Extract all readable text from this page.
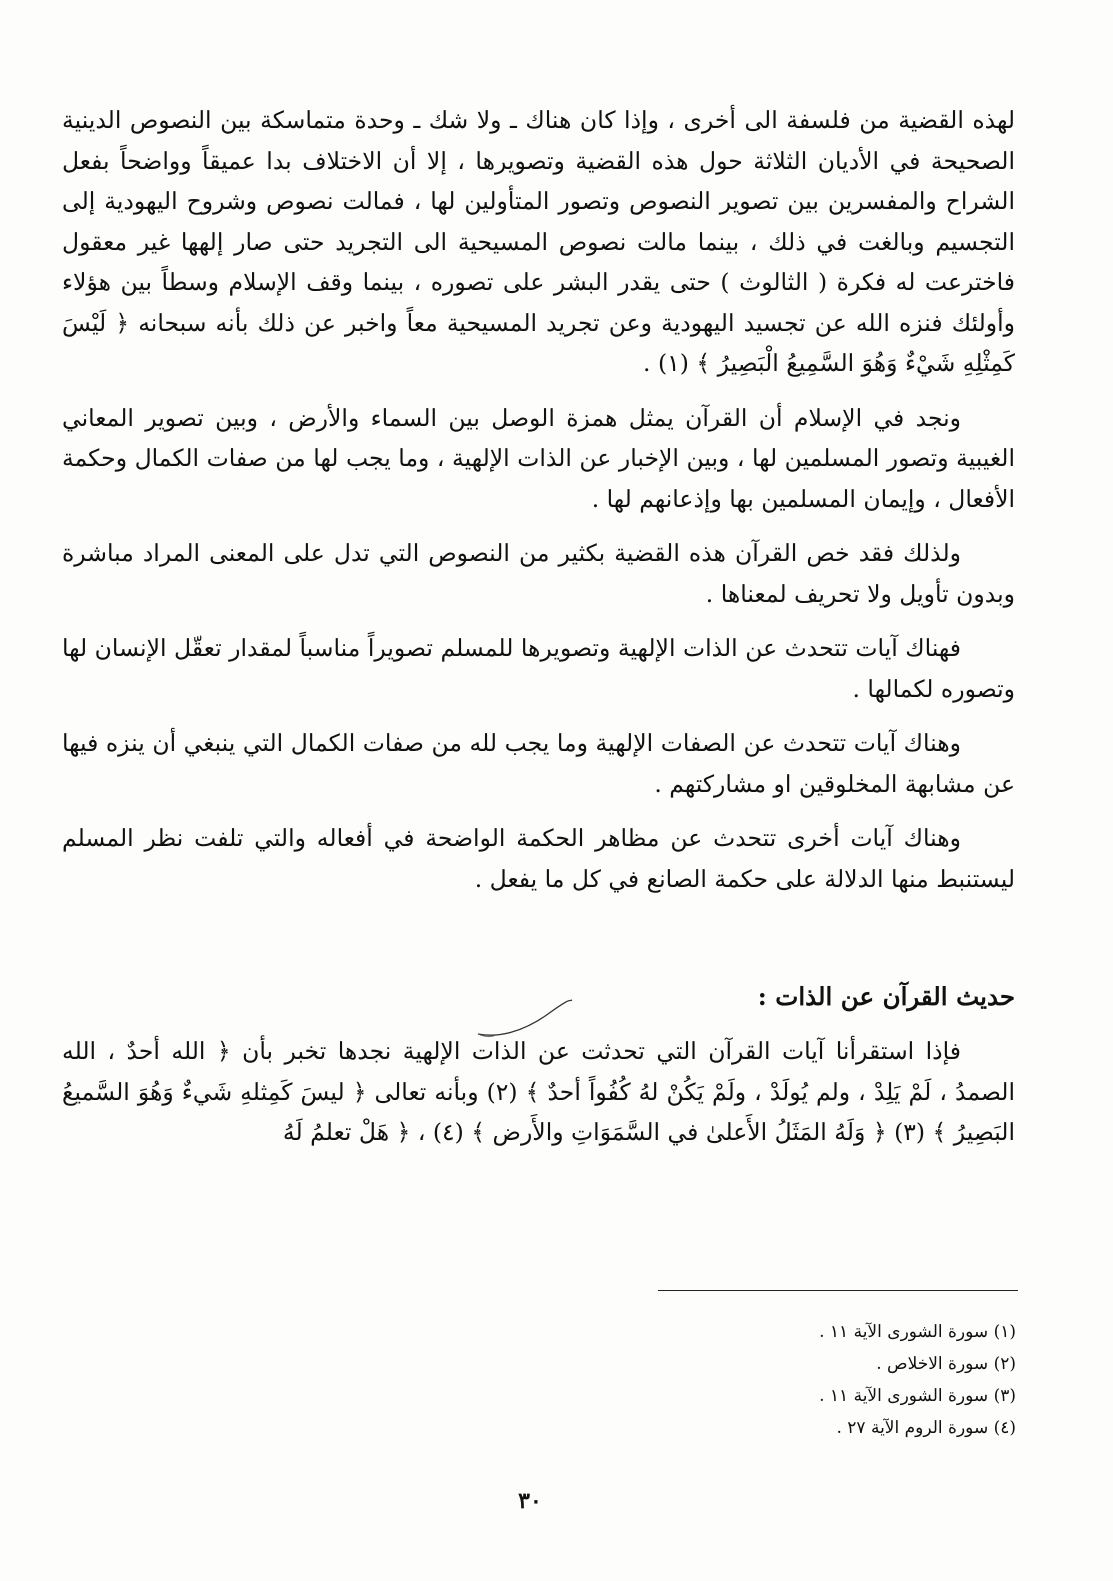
لهذه القضية من فلسفة الى أخرى ، وإذا كان هناك ـ ولا شك ـ وحدة متماسكة بين النصوص الدينية الصحيحة في الأديان الثلاثة حول هذه القضية وتصويرها ، إلا أن الاختلاف بدا عميقاً وواضحاً بفعل الشراح والمفسرين بين تصوير النصوص وتصور المتأولين لها ، فمالت نصوص وشروح اليهودية إلى التجسيم وبالغت في ذلك ، بينما مالت نصوص المسيحية الى التجريد حتى صار إلهها غير معقول فاخترعت له فكرة ( الثالوث ) حتى يقدر البشر على تصوره ، بينما وقف الإسلام وسطاً بين هؤلاء وأولئك فنزه الله عن تجسيد اليهودية وعن تجريد المسيحية معاً واخبر عن ذلك بأنه سبحانه ﴿ لَيْسَ كَمِثْلِهِ شَيْءٌ وَهُوَ السَّمِيعُ الْبَصِيرُ ﴾ (١) .

ونجد في الإسلام أن القرآن يمثل همزة الوصل بين السماء والأرض ، وبين تصوير المعاني الغيبية وتصور المسلمين لها ، وبين الإخبار عن الذات الإلهية ، وما يجب لها من صفات الكمال وحكمة الأفعال ، وإيمان المسلمين بها وإذعانهم لها .

ولذلك فقد خص القرآن هذه القضية بكثير من النصوص التي تدل على المعنى المراد مباشرة وبدون تأويل ولا تحريف لمعناها .

فهناك آيات تتحدث عن الذات الإلهية وتصويرها للمسلم تصويراً مناسباً لمقدار تعقّل الإنسان لها وتصوره لكمالها .

وهناك آيات تتحدث عن الصفات الإلهية وما يجب لله من صفات الكمال التي ينبغي أن ينزه فيها عن مشابهة المخلوقين او مشاركتهم .

وهناك آيات أخرى تتحدث عن مظاهر الحكمة الواضحة في أفعاله والتي تلفت نظر المسلم ليستنبط منها الدلالة على حكمة الصانع في كل ما يفعل .

حديث القرآن عن الذات :

فإذا استقرأنا آيات القرآن التي تحدثت عن الذات الإلهية نجدها تخبر بأن ﴿ الله أحدٌ ، الله الصمدُ ، لَمْ يَلِدْ ، ولم يُولَدْ ، ولَمْ يَكُنْ لهُ كُفُواً أحدٌ ﴾ (٢) وبأنه تعالى ﴿ ليسَ كَمِثلهِ شَيءٌ وَهُوَ السَّميعُ البَصِيرُ ﴾ (٣) ﴿ وَلَهُ المَثَلُ الأَعلىٰ في السَّمَوَاتِ والأَرض ﴾ (٤) ، ﴿ هَلْ تعلمُ لَهُ

(١) سورة الشورى الآية ١١ .

(٢) سورة الاخلاص .

(٣) سورة الشورى الآية ١١ .

(٤) سورة الروم الآية ٢٧ .

٣٠
